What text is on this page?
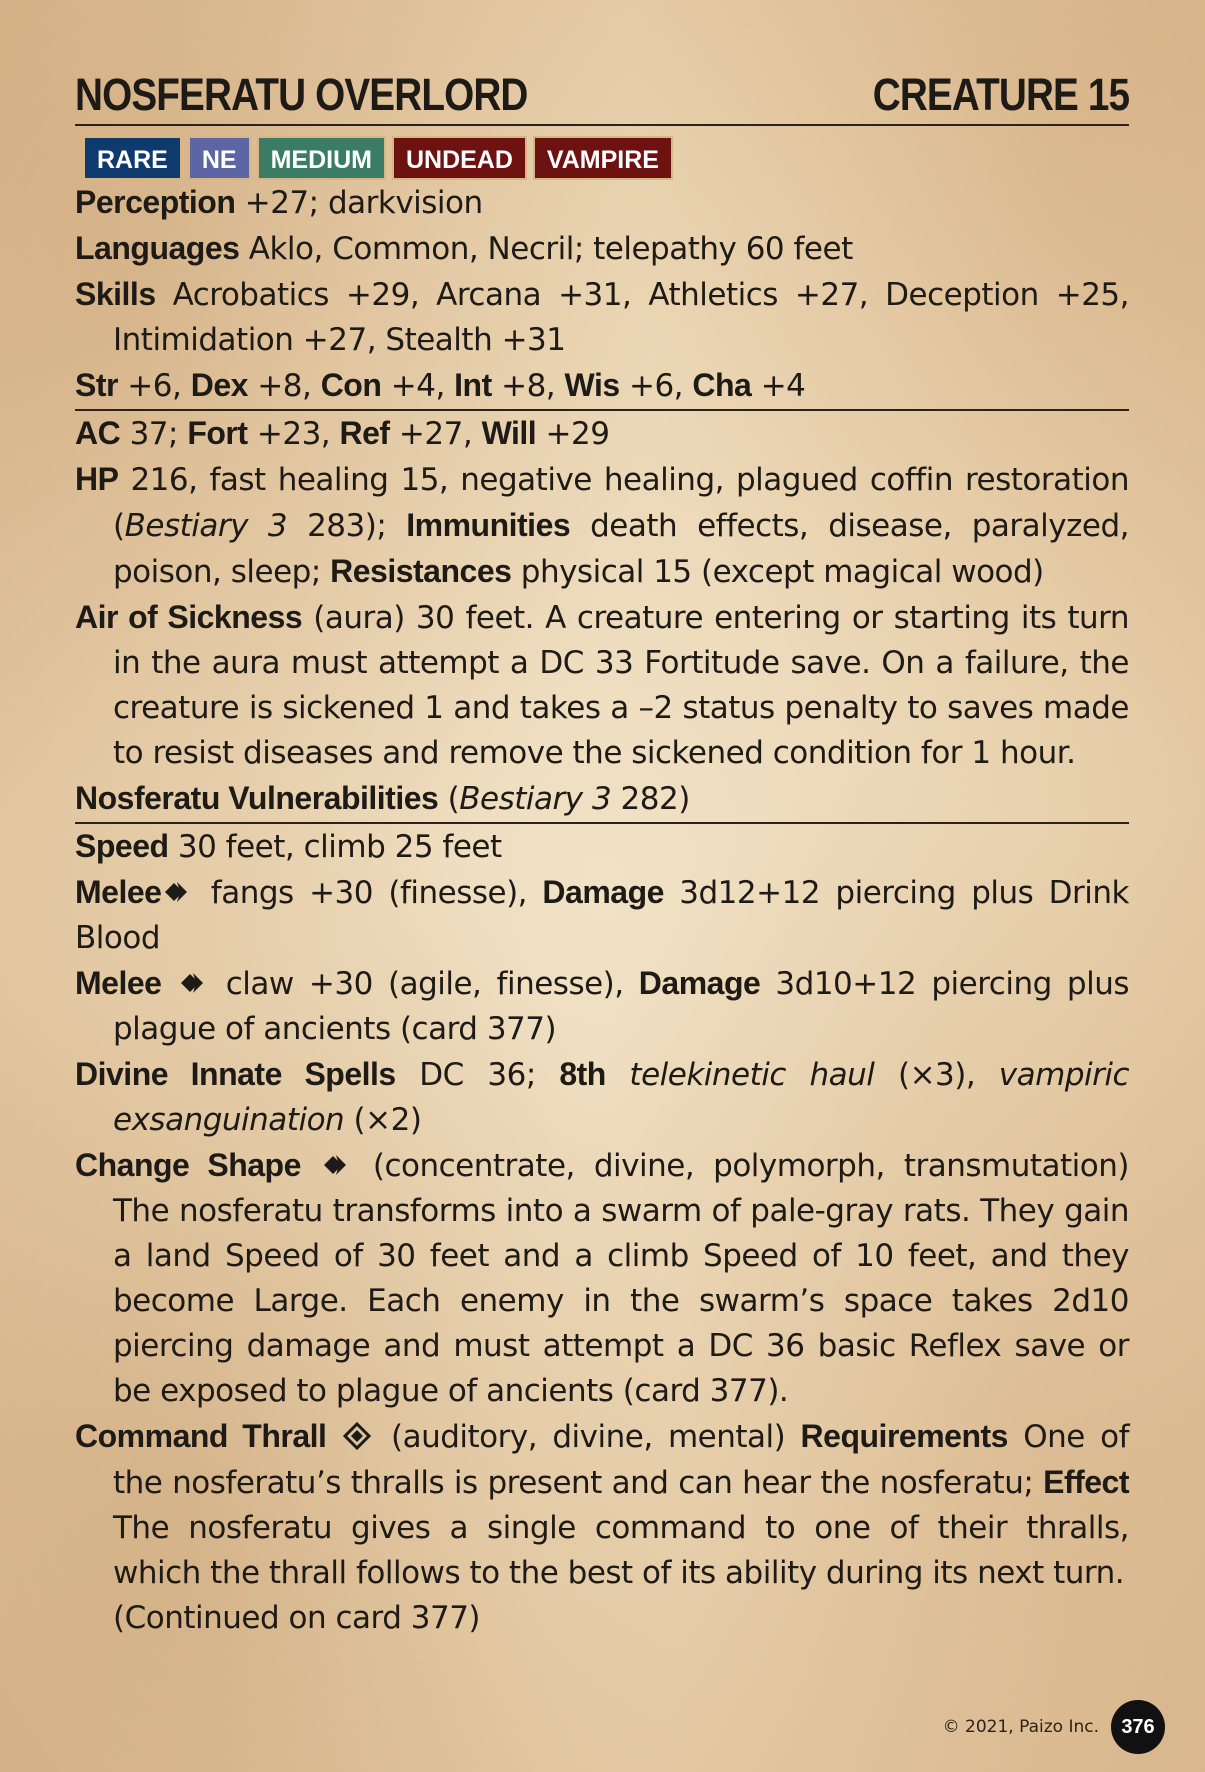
NOSFERATU OVERLORD	CREATURE 15
RARE	NE	MEDIUM	UNDEAD	VAMPIRE
Perception +27; darkvision
Languages Aklo, Common, Necril; telepathy 60 feet
Skills Acrobatics +29, Arcana +31, Athletics +27, Deception +25, Intimidation +27, Stealth +31
Str +6, Dex +8, Con +4, Int +8, Wis +6, Cha +4
AC 37; Fort +23, Ref +27, Will +29
HP 216, fast healing 15, negative healing, plagued coffin restoration (Bestiary 3 283); Immunities death effects, disease, paralyzed, poison, sleep; Resistances physical 15 (except magical wood)
Air of Sickness (aura) 30 feet. A creature entering or starting its turn in the aura must attempt a DC 33 Fortitude save. On a failure, the creature is sickened 1 and takes a –2 status penalty to saves made to resist diseases and remove the sickened condition for 1 hour.
Nosferatu Vulnerabilities (Bestiary 3 282)
Speed 30 feet, climb 25 feet
Melee fangs +30 (finesse), Damage 3d12+12 piercing plus Drink Blood
Melee  claw +30 (agile, finesse), Damage 3d10+12 piercing plus plague of ancients (card 377)
Divine Innate Spells DC 36; 8th telekinetic haul (×3), vampiric exsanguination (×2)
Change Shape  (concentrate, divine, polymorph, transmutation) The nosferatu transforms into a swarm of pale-gray rats. They gain a land Speed of 30 feet and a climb Speed of 10 feet, and they become Large. Each enemy in the swarm’s space takes 2d10 piercing damage and must attempt a DC 36 basic Reflex save or be exposed to plague of ancients (card 377).
Command Thrall  (auditory, divine, mental) Requirements One of the nosferatu’s thralls is present and can hear the nosferatu; Effect The nosferatu gives a single command to one of their thralls, which the thrall follows to the best of its ability during its next turn.
(Continued on card 377)
© 2021, Paizo Inc.	376
